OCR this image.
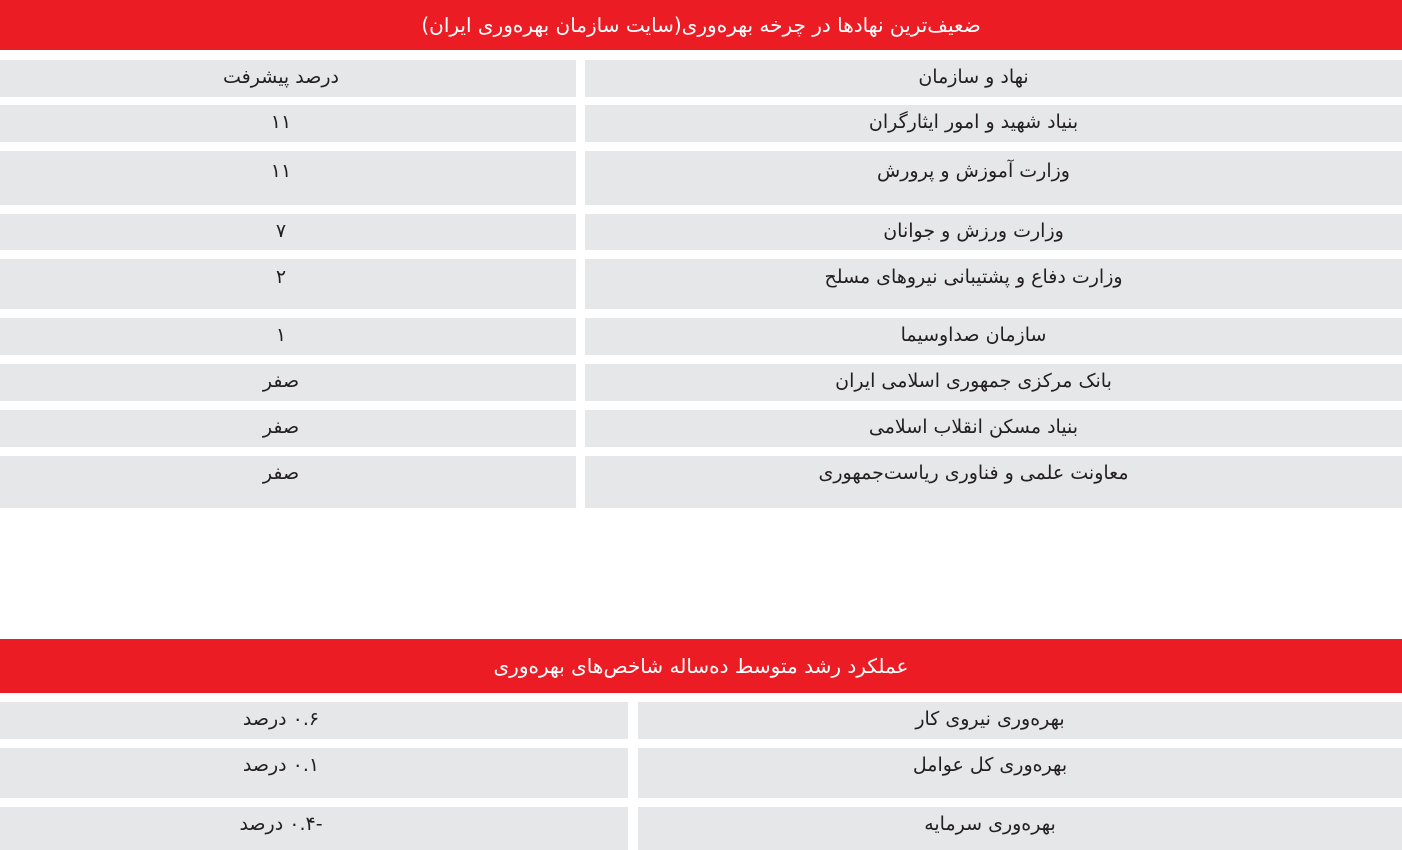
ضعیف‌ترین نهادها در چرخه بهره‌وری(سایت سازمان بهره‌وری ایران)
نهاد و سازمان
درصد پیشرفت
بنیاد شهید و امور ایثارگران
۱۱
وزارت آموزش و پرورش
۱۱
وزارت ورزش و جوانان
۷
وزارت دفاع و پشتیبانی نیروهای مسلح
۲
سازمان صداوسیما
۱
بانک مرکزی جمهوری اسلامی ایران
صفر
بنیاد مسکن انقلاب اسلامی
صفر
معاونت علمی و فناوری ریاست‌جمهوری
صفر
عملکرد رشد متوسط ده‌ساله شاخص‌های بهره‌وری
بهره‌وری نیروی کار
۰.۶ درصد
بهره‌وری کل عوامل
۰.۱ درصد
بهره‌وری سرمایه
-۰.۴ درصد
